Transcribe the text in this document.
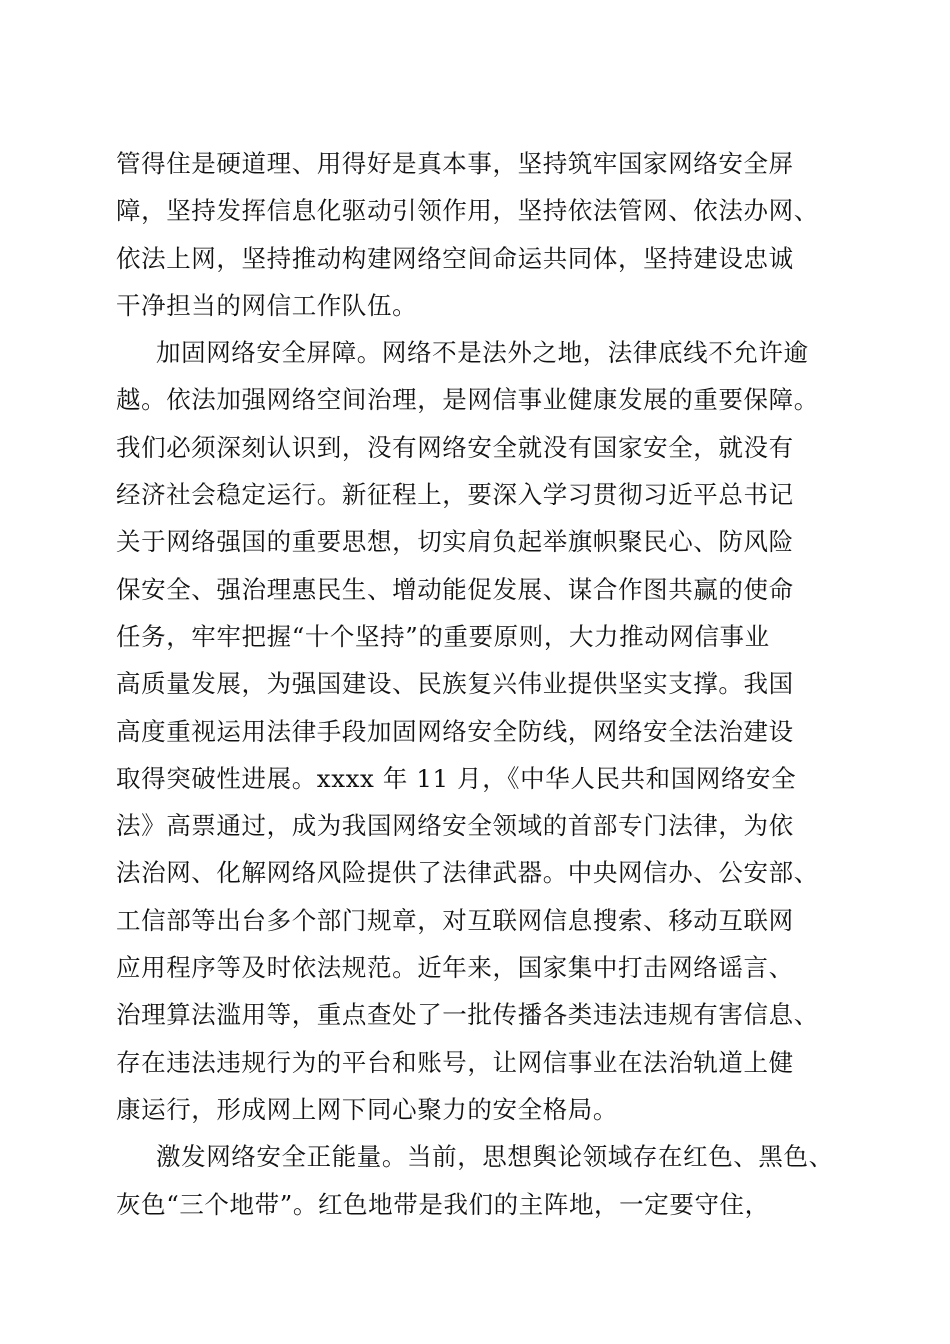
管得住是硬道理、用得好是真本事，坚持筑牢国家网络安全屏
障，坚持发挥信息化驱动引领作用，坚持依法管网、依法办网、
依法上网，坚持推动构建网络空间命运共同体，坚持建设忠诚
干净担当的网信工作队伍。
加固网络安全屏障。网络不是法外之地，法律底线不允许逾
越。依法加强网络空间治理，是网信事业健康发展的重要保障。
我们必须深刻认识到，没有网络安全就没有国家安全，就没有
经济社会稳定运行。新征程上，要深入学习贯彻习近平总书记
关于网络强国的重要思想，切实肩负起举旗帜聚民心、防风险
保安全、强治理惠民生、增动能促发展、谋合作图共赢的使命
任务，牢牢把握“十个坚持”的重要原则，大力推动网信事业
高质量发展，为强国建设、民族复兴伟业提供坚实支撑。我国
高度重视运用法律手段加固网络安全防线，网络安全法治建设
取得突破性进展。xxxx 年 11 月，《中华人民共和国网络安全
法》高票通过，成为我国网络安全领域的首部专门法律，为依
法治网、化解网络风险提供了法律武器。中央网信办、公安部、
工信部等出台多个部门规章，对互联网信息搜索、移动互联网
应用程序等及时依法规范。近年来，国家集中打击网络谣言、
治理算法滥用等，重点查处了一批传播各类违法违规有害信息、
存在违法违规行为的平台和账号，让网信事业在法治轨道上健
康运行，形成网上网下同心聚力的安全格局。
激发网络安全正能量。当前，思想舆论领域存在红色、黑色、
灰色“三个地带”。红色地带是我们的主阵地，一定要守住，
